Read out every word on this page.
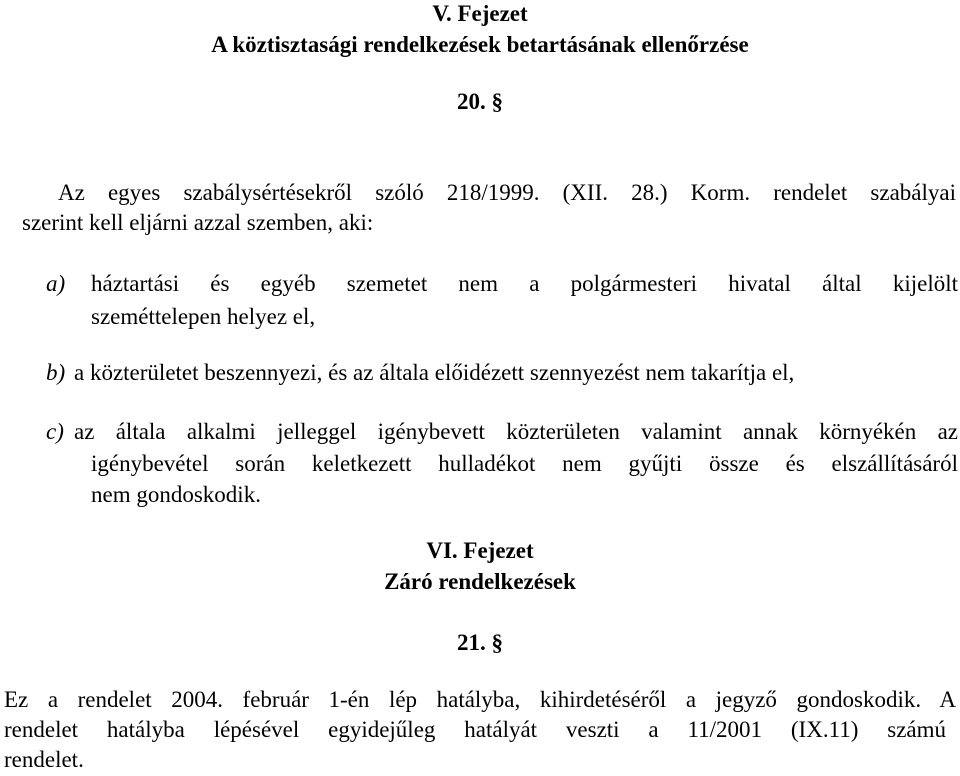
V. Fejezet

A köztisztasági rendelkezések betartásának ellenőrzése

20. §

Az egyes szabálysértésekről szóló 218/1999. (XII. 28.) Korm. rendelet szabályai

szerint kell eljárni azzal szemben, aki:

a) háztartási és egyéb szemetet nem a polgármesteri hivatal által kijelölt

szeméttelepen helyez el,

b) a közterületet beszennyezi, és az általa előidézett szennyezést nem takarítja el,

c) az általa alkalmi jelleggel igénybevett közterületen valamint annak környékén az

igénybevétel során keletkezett hulladékot nem gyűjti össze és elszállításáról

nem gondoskodik.

VI. Fejezet

Záró rendelkezések

21. §

Ez a rendelet 2004. február 1-én lép hatályba, kihirdetéséről a jegyző gondoskodik. A

rendelet hatályba lépésével egyidejűleg hatályát veszti a 11/2001 (IX.11) számú

rendelet.
